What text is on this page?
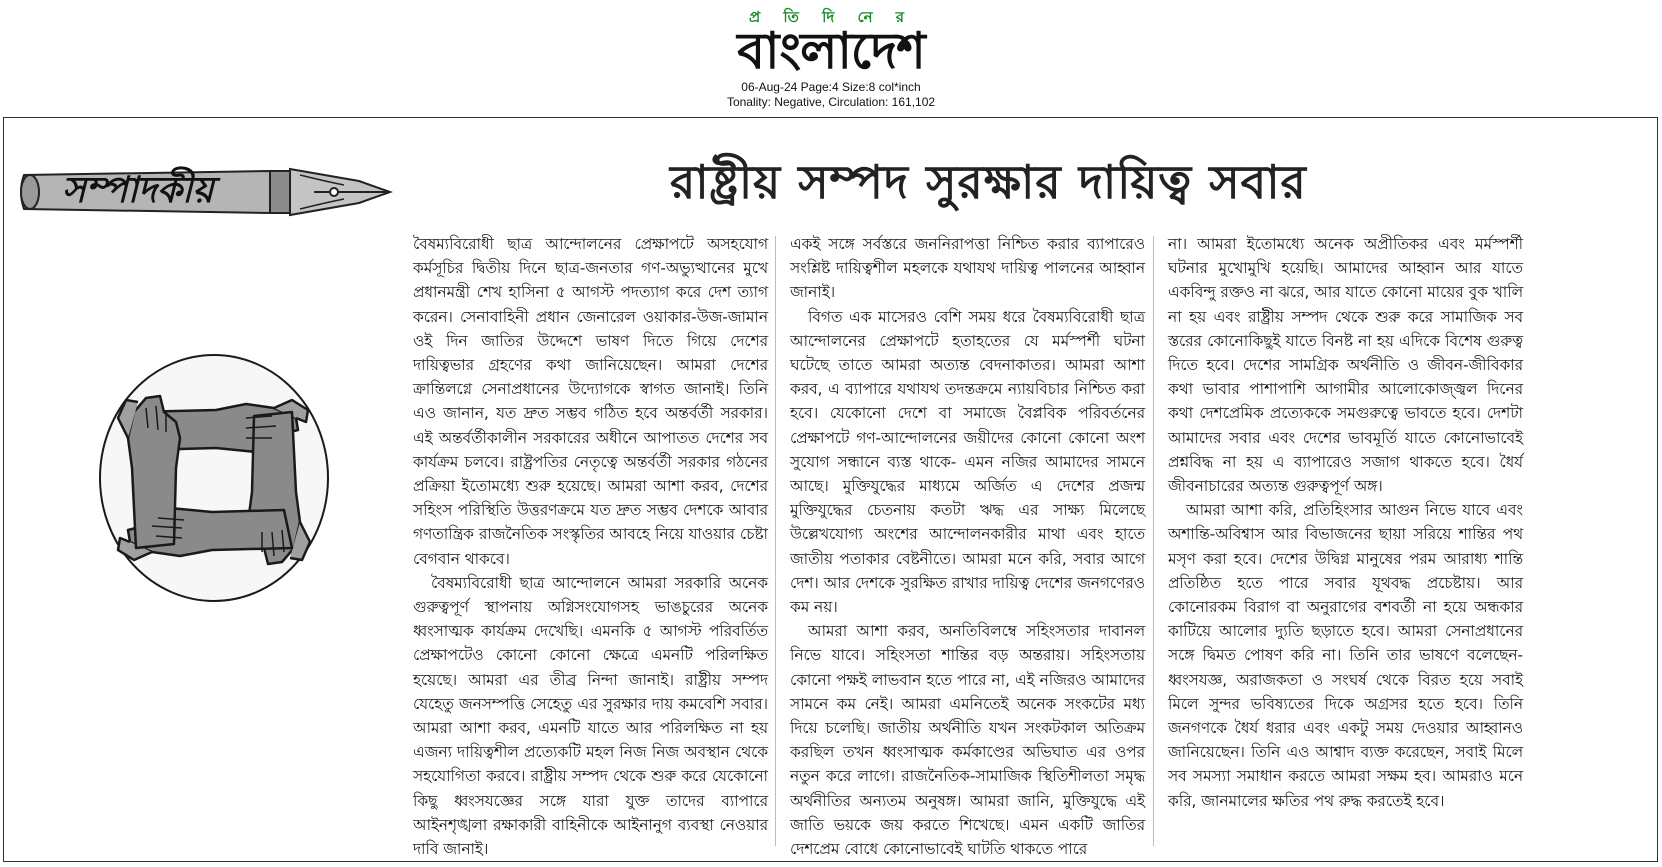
প্র তি দি নে র
বাংলাদেশ
06-Aug-24 Page:4 Size:8 col*inch
Tonality: Negative, Circulation: 161,102
সম্পাদকীয়	রাষ্ট্রীয় সম্পদ সুরক্ষার দায়িত্ব সবার

বৈষম্যবিরোধী ছাত্র আন্দোলনের প্রেক্ষাপটে অসহযোগ কর্মসূচির দ্বিতীয় দিনে ছাত্র-জনতার গণ-অভ্যুত্থানের মুখে প্রধানমন্ত্রী শেখ হাসিনা ৫ আগস্ট পদত্যাগ করে দেশ ত্যাগ করেন। সেনাবাহিনী প্রধান জেনারেল ওয়াকার-উজ-জামান ওই দিন জাতির উদ্দেশে ভাষণ দিতে গিয়ে দেশের দায়িত্বভার গ্রহণের কথা জানিয়েছেন। আমরা দেশের ক্রান্তিলগ্নে সেনাপ্রধানের উদ্যোগকে স্বাগত জানাই। তিনি এও জানান, যত দ্রুত সম্ভব গঠিত হবে অন্তর্বর্তী সরকার। এই অন্তর্বর্তীকালীন সরকারের অধীনে আপাতত দেশের সব কার্যক্রম চলবে। রাষ্ট্রপতির নেতৃত্বে অন্তর্বর্তী সরকার গঠনের প্রক্রিয়া ইতোমধ্যে শুরু হয়েছে। আমরা আশা করব, দেশের সহিংস পরিস্থিতি উত্তরণক্রমে যত দ্রুত সম্ভব দেশকে আবার গণতান্ত্রিক রাজনৈতিক সংস্কৃতির আবহে নিয়ে যাওয়ার চেষ্টা বেগবান থাকবে।

বৈষম্যবিরোধী ছাত্র আন্দোলনে আমরা সরকারি অনেক গুরুত্বপূর্ণ স্থাপনায় অগ্নিসংযোগসহ ভাঙচুরের অনেক ধ্বংসাত্মক কার্যক্রম দেখেছি। এমনকি ৫ আগস্ট পরিবর্তিত প্রেক্ষাপটেও কোনো কোনো ক্ষেত্রে এমনটি পরিলক্ষিত হয়েছে। আমরা এর তীব্র নিন্দা জানাই। রাষ্ট্রীয় সম্পদ যেহেতু জনসম্পত্তি সেহেতু এর সুরক্ষার দায় কমবেশি সবার। আমরা আশা করব, এমনটি যাতে আর পরিলক্ষিত না হয় এজন্য দায়িত্বশীল প্রত্যেকটি মহল নিজ নিজ অবস্থান থেকে সহযোগিতা করবে। রাষ্ট্রীয় সম্পদ থেকে শুরু করে যেকোনো কিছু ধ্বংসযজ্ঞের সঙ্গে যারা যুক্ত তাদের ব্যাপারে আইনশৃঙ্খলা রক্ষাকারী বাহিনীকে আইনানুগ ব্যবস্থা নেওয়ার দাবি জানাই।

একই সঙ্গে সর্বস্তরে জননিরাপত্তা নিশ্চিত করার ব্যাপারেও সংশ্লিষ্ট দায়িত্বশীল মহলকে যথাযথ দায়িত্ব পালনের আহ্বান জানাই।

বিগত এক মাসেরও বেশি সময় ধরে বৈষম্যবিরোধী ছাত্র আন্দোলনের প্রেক্ষাপটে হতাহতের যে মর্মস্পর্শী ঘটনা ঘটেছে তাতে আমরা অত্যন্ত বেদনাকাতর। আমরা আশা করব, এ ব্যাপারে যথাযথ তদন্তক্রমে ন্যায়বিচার নিশ্চিত করা হবে। যেকোনো দেশে বা সমাজে বৈপ্লবিক পরিবর্তনের প্রেক্ষাপটে গণ-আন্দোলনের জয়ীদের কোনো কোনো অংশ সুযোগ সন্ধানে ব্যস্ত থাকে- এমন নজির আমাদের সামনে আছে। মুক্তিযুদ্ধের মাধ্যমে অর্জিত এ দেশের প্রজন্ম মুক্তিযুদ্ধের চেতনায় কতটা ঋদ্ধ এর সাক্ষ্য মিলেছে উল্লেখযোগ্য অংশের আন্দোলনকারীর মাথা এবং হাতে জাতীয় পতাকার বেষ্টনীতে। আমরা মনে করি, সবার আগে দেশ। আর দেশকে সুরক্ষিত রাখার দায়িত্ব দেশের জনগণেরও কম নয়।

আমরা আশা করব, অনতিবিলম্বে সহিংসতার দাবানল নিভে যাবে। সহিংসতা শান্তির বড় অন্তরায়। সহিংসতায় কোনো পক্ষই লাভবান হতে পারে না, এই নজিরও আমাদের সামনে কম নেই। আমরা এমনিতেই অনেক সংকটের মধ্য দিয়ে চলেছি। জাতীয় অর্থনীতি যখন সংকটকাল অতিক্রম করছিল তখন ধ্বংসাত্মক কর্মকাণ্ডের অভিঘাত এর ওপর নতুন করে লাগে। রাজনৈতিক-সামাজিক স্থিতিশীলতা সমৃদ্ধ অর্থনীতির অন্যতম অনুষঙ্গ। আমরা জানি, মুক্তিযুদ্ধে এই জাতি ভয়কে জয় করতে শিখেছে। এমন একটি জাতির দেশপ্রেম বোধে কোনোভাবেই ঘাটতি থাকতে পারে

না। আমরা ইতোমধ্যে অনেক অপ্রীতিকর এবং মর্মস্পর্শী ঘটনার মুখোমুখি হয়েছি। আমাদের আহ্বান আর যাতে একবিন্দু রক্তও না ঝরে, আর যাতে কোনো মায়ের বুক খালি না হয় এবং রাষ্ট্রীয় সম্পদ থেকে শুরু করে সামাজিক সব স্তরের কোনোকিছুই যাতে বিনষ্ট না হয় এদিকে বিশেষ গুরুত্ব দিতে হবে। দেশের সামগ্রিক অর্থনীতি ও জীবন-জীবিকার কথা ভাবার পাশাপাশি আগামীর আলোকোজ্জ্বল দিনের কথা দেশপ্রেমিক প্রত্যেককে সমগুরুত্বে ভাবতে হবে। দেশটা আমাদের সবার এবং দেশের ভাবমূর্তি যাতে কোনোভাবেই প্রশ্নবিদ্ধ না হয় এ ব্যাপারেও সজাগ থাকতে হবে। ধৈর্য জীবনাচারের অত্যন্ত গুরুত্বপূর্ণ অঙ্গ।

আমরা আশা করি, প্রতিহিংসার আগুন নিভে যাবে এবং অশান্তি-অবিশ্বাস আর বিভাজনের ছায়া সরিয়ে শান্তির পথ মসৃণ করা হবে। দেশের উদ্বিগ্ন মানুষের পরম আরাধ্য শান্তি প্রতিষ্ঠিত হতে পারে সবার যূথবদ্ধ প্রচেষ্টায়। আর কোনোরকম বিরাগ বা অনুরাগের বশবর্তী না হয়ে অন্ধকার কাটিয়ে আলোর দ্যুতি ছড়াতে হবে। আমরা সেনাপ্রধানের সঙ্গে দ্বিমত পোষণ করি না। তিনি তার ভাষণে বলেছেন- ধ্বংসযজ্ঞ, অরাজকতা ও সংঘর্ষ থেকে বিরত হয়ে সবাই মিলে সুন্দর ভবিষ্যতের দিকে অগ্রসর হতে হবে। তিনি জনগণকে ধৈর্য ধরার এবং একটু সময় দেওয়ার আহ্বানও জানিয়েছেন। তিনি এও আশ্বাদ ব্যক্ত করেছেন, সবাই মিলে সব সমস্যা সমাধান করতে আমরা সক্ষম হব। আমরাও মনে করি, জানমালের ক্ষতির পথ রুদ্ধ করতেই হবে।
